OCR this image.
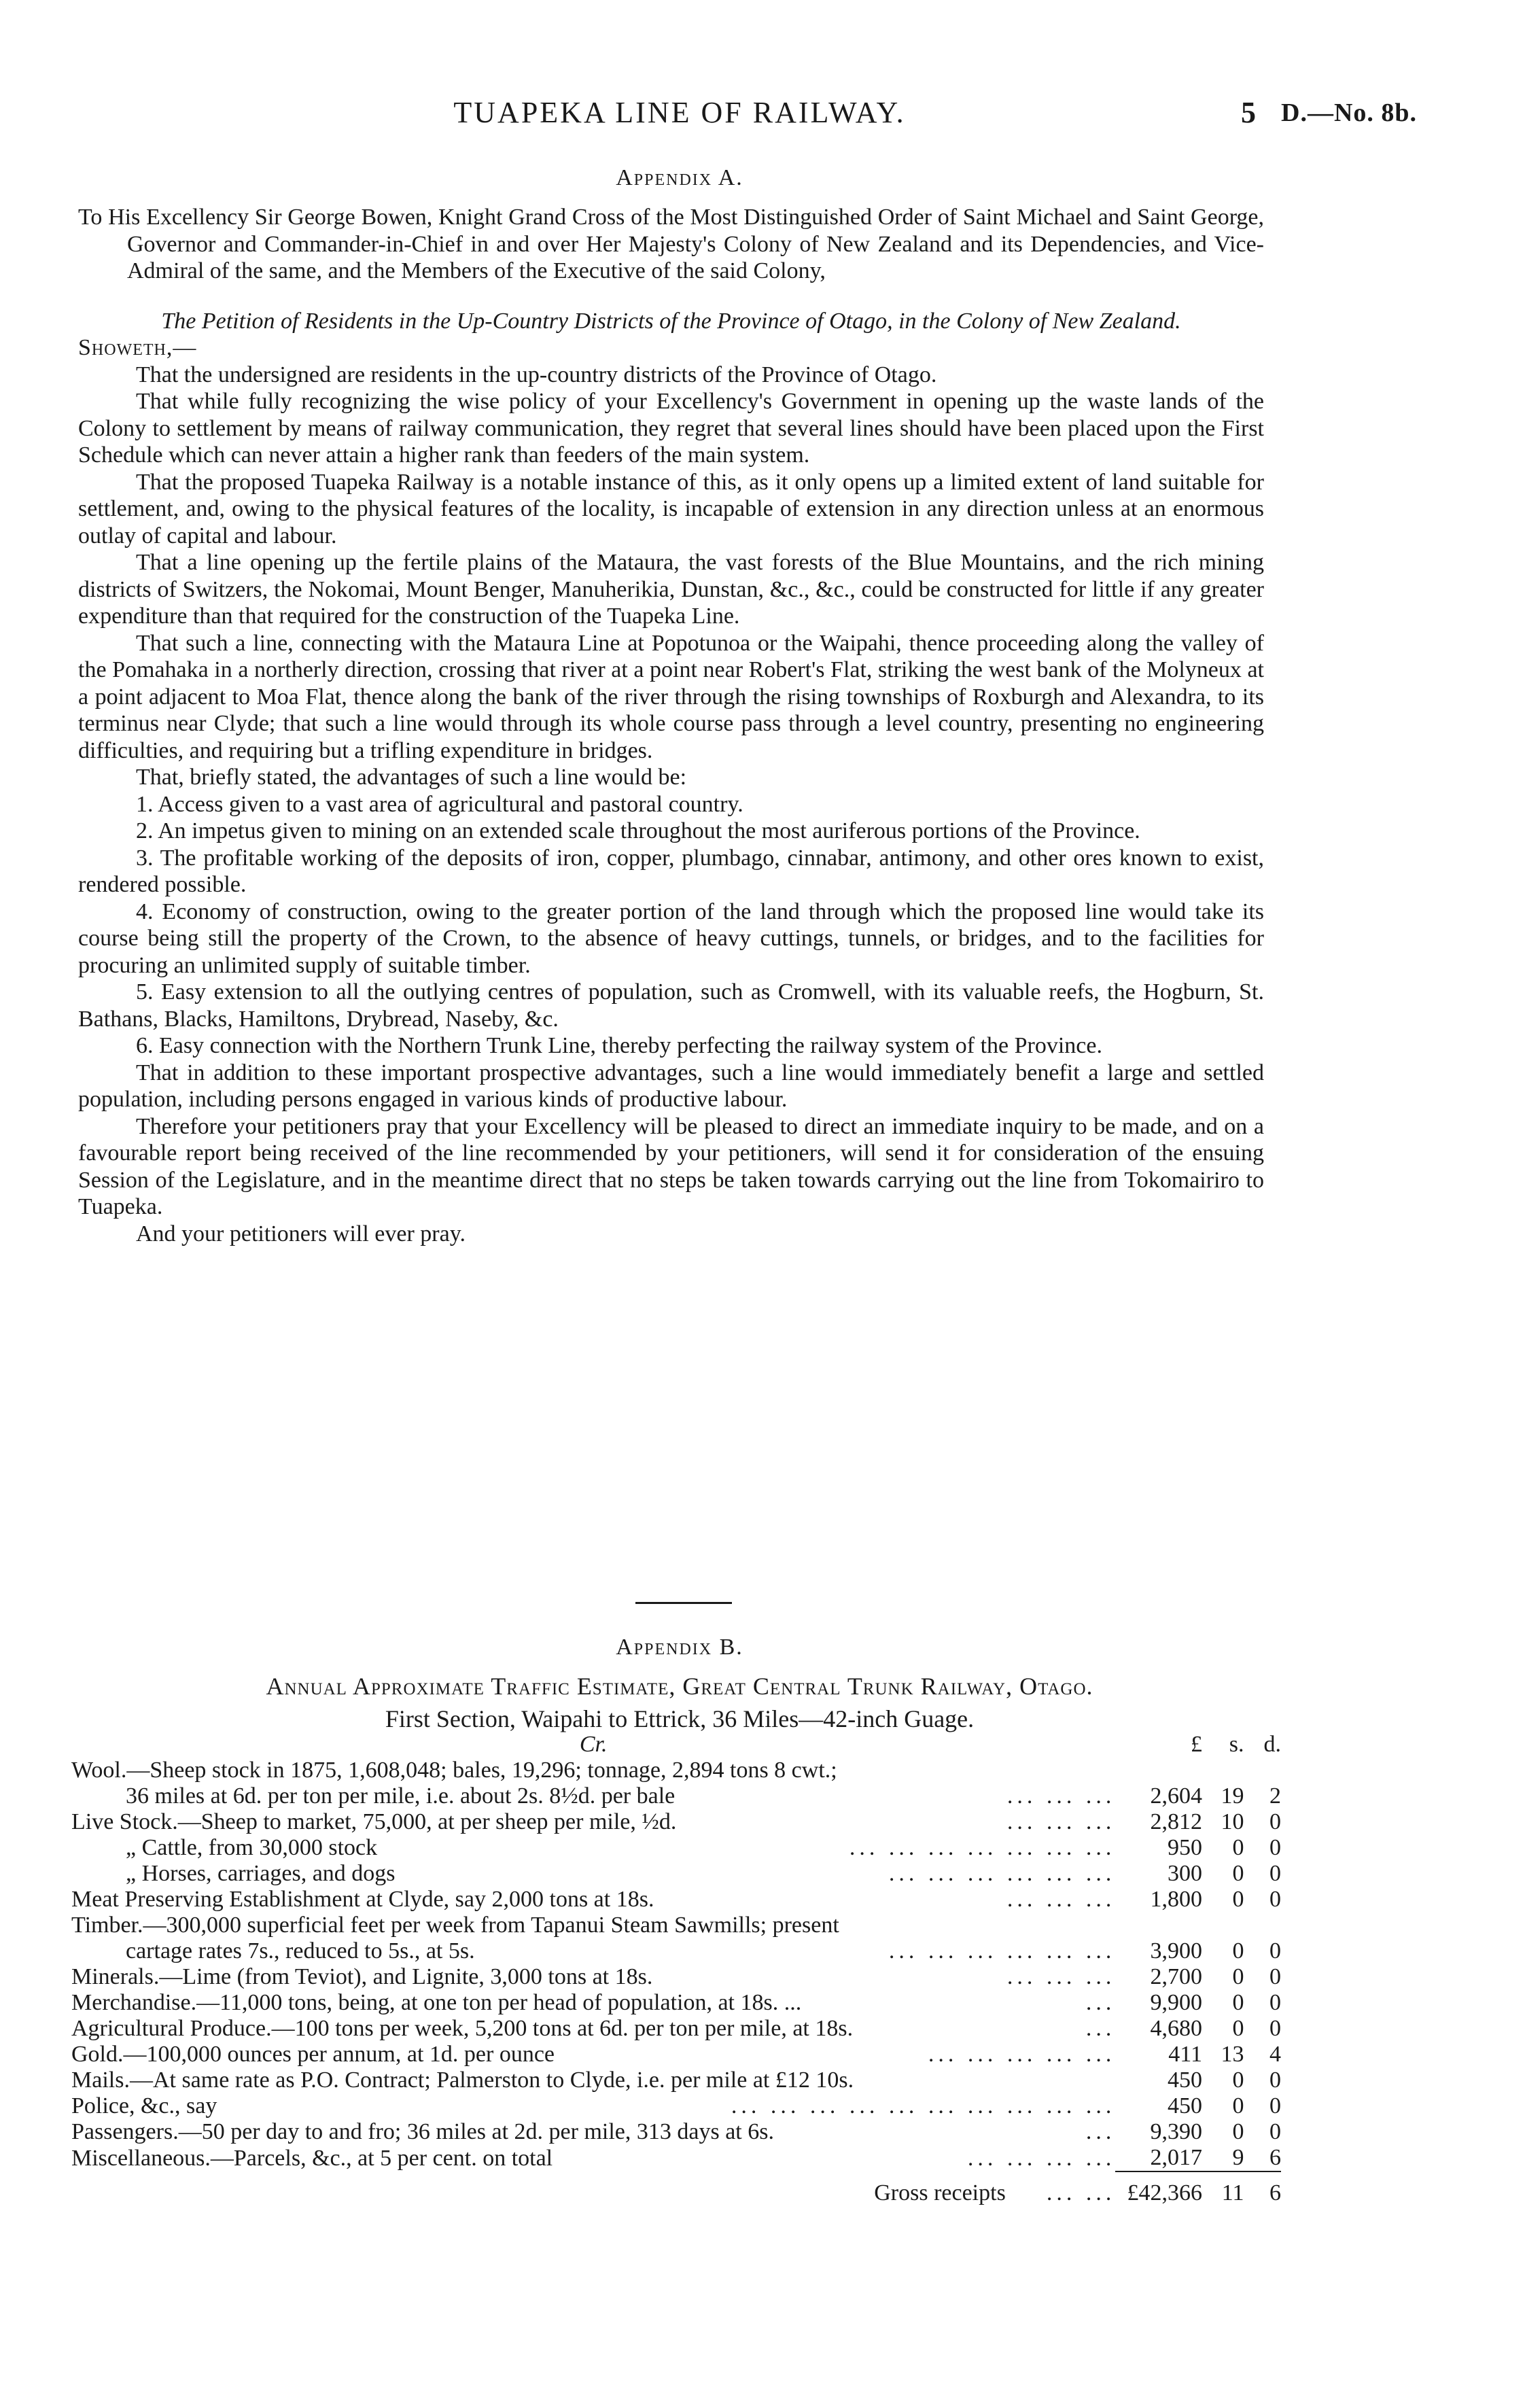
TUAPEKA LINE OF RAILWAY.	5 D.—No. 8b.
Appendix A.

To His Excellency Sir George Bowen, Knight Grand Cross of the Most Distinguished Order of Saint Michael and Saint George, Governor and Commander-in-Chief in and over Her Majesty's Colony of New Zealand and its Dependencies, and Vice-Admiral of the same, and the Members of the Executive of the said Colony,

The Petition of Residents in the Up-Country Districts of the Province of Otago, in the Colony of New Zealand.

Showeth,—

That the undersigned are residents in the up-country districts of the Province of Otago.

That while fully recognizing the wise policy of your Excellency's Government in opening up the waste lands of the Colony to settlement by means of railway communication, they regret that several lines should have been placed upon the First Schedule which can never attain a higher rank than feeders of the main system.

That the proposed Tuapeka Railway is a notable instance of this, as it only opens up a limited extent of land suitable for settlement, and, owing to the physical features of the locality, is incapable of extension in any direction unless at an enormous outlay of capital and labour.

That a line opening up the fertile plains of the Mataura, the vast forests of the Blue Mountains, and the rich mining districts of Switzers, the Nokomai, Mount Benger, Manuherikia, Dunstan, &c., &c., could be constructed for little if any greater expenditure than that required for the construction of the Tuapeka Line.

That such a line, connecting with the Mataura Line at Popotunoa or the Waipahi, thence proceeding along the valley of the Pomahaka in a northerly direction, crossing that river at a point near Robert's Flat, striking the west bank of the Molyneux at a point adjacent to Moa Flat, thence along the bank of the river through the rising townships of Roxburgh and Alexandra, to its terminus near Clyde; that such a line would through its whole course pass through a level country, presenting no engineering difficulties, and requiring but a trifling expenditure in bridges.

That, briefly stated, the advantages of such a line would be:

1. Access given to a vast area of agricultural and pastoral country.

2. An impetus given to mining on an extended scale throughout the most auriferous portions of the Province.

3. The profitable working of the deposits of iron, copper, plumbago, cinnabar, antimony, and other ores known to exist, rendered possible.

4. Economy of construction, owing to the greater portion of the land through which the proposed line would take its course being still the property of the Crown, to the absence of heavy cuttings, tunnels, or bridges, and to the facilities for procuring an unlimited supply of suitable timber.

5. Easy extension to all the outlying centres of population, such as Cromwell, with its valuable reefs, the Hogburn, St. Bathans, Blacks, Hamiltons, Drybread, Naseby, &c.

6. Easy connection with the Northern Trunk Line, thereby perfecting the railway system of the Province.

That in addition to these important prospective advantages, such a line would immediately benefit a large and settled population, including persons engaged in various kinds of productive labour.

Therefore your petitioners pray that your Excellency will be pleased to direct an immediate inquiry to be made, and on a favourable report being received of the line recommended by your petitioners, will send it for consideration of the ensuing Session of the Legislature, and in the meantime direct that no steps be taken towards carrying out the line from Tokomairiro to Tuapeka.

And your petitioners will ever pray.

Appendix B.
Annual Approximate Traffic Estimate, Great Central Trunk Railway, Otago.
First Section, Waipahi to Ettrick, 36 Miles—42-inch Guage.
Cr.	£	s.	d.
Wool.—Sheep stock in 1875, 1,608,048; bales, 19,296; tonnage, 2,894 tons 8 cwt.;			
36 miles at 6d. per ton per mile, i.e. about 2s. 8½d. per bale ... ... ...	2,604	19	2
Live Stock.—Sheep to market, 75,000, at per sheep per mile, ½d. ... ... ...	2,812	10	0
„ Cattle, from 30,000 stock ... ... ... ... ... ... ...	950	0	0
„ Horses, carriages, and dogs ... ... ... ... ... ...	300	0	0
Meat Preserving Establishment at Clyde, say 2,000 tons at 18s. ... ... ...	1,800	0	0
Timber.—300,000 superficial feet per week from Tapanui Steam Sawmills; present			
cartage rates 7s., reduced to 5s., at 5s. ... ... ... ... ... ...	3,900	0	0
Minerals.—Lime (from Teviot), and Lignite, 3,000 tons at 18s. ... ... ...	2,700	0	0
Merchandise.—11,000 tons, being, at one ton per head of population, at 18s. ... ...	9,900	0	0
Agricultural Produce.—100 tons per week, 5,200 tons at 6d. per ton per mile, at 18s. ...	4,680	0	0
Gold.—100,000 ounces per annum, at 1d. per ounce ... ... ... ... ...	411	13	4
Mails.—At same rate as P.O. Contract; Palmerston to Clyde, i.e. per mile at £12 10s.	450	0	0
Police, &c., say ... ... ... ... ... ... ... ... ... ...	450	0	0
Passengers.—50 per day to and fro; 36 miles at 2d. per mile, 313 days at 6s. ...	9,390	0	0
Miscellaneous.—Parcels, &c., at 5 per cent. on total ... ... ... ...	2,017	9	6
Gross receipts ... ...	£42,366	11	6
